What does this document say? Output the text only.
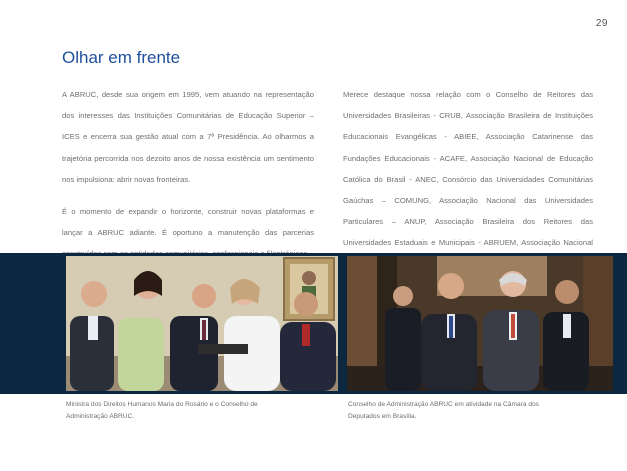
29
Olhar em frente

A ABRUC, desde sua origem em 1995, vem atuando na representação dos interesses das Instituições Comunitárias de Educação Superior – ICES e encerra sua gestão atual com a 7ª Presidência. Ao olharmos a trajetória percorrida nos dezoito anos de nossa existência um sentimento nos impulsiona: abrir novas fronteiras.

É o momento de expandir o horizonte, construir novas plataformas e lançar a ABRUC adiante. É oportuno a manutenção das parcerias

Merece destaque nossa relação com o Conselho de Reitores das Universidades Brasileiras - CRUB, Associação Brasileira de Instituições Educacionais Evangélicas - ABIEE, Associação Catarinense das Fundações Educacionais - ACAFE, Associação Nacional de Educação Católica do Brasil - ANEC, Consórcio das Universidades Comunitárias Gaúchas – COMUNG, Associação Nacional das Universidades Particulares – ANUP, Associação Brasileira dos Reitores das Universidades Estaduais e Municipais - ABRUEM, Associação Nacional

Ministra dos Direitos Humanos Maria do Rosário e o Conselho de Administração ABRUC.
Conselho de Administração ABRUC em atividade na Câmara dos Deputados em Brasília.
